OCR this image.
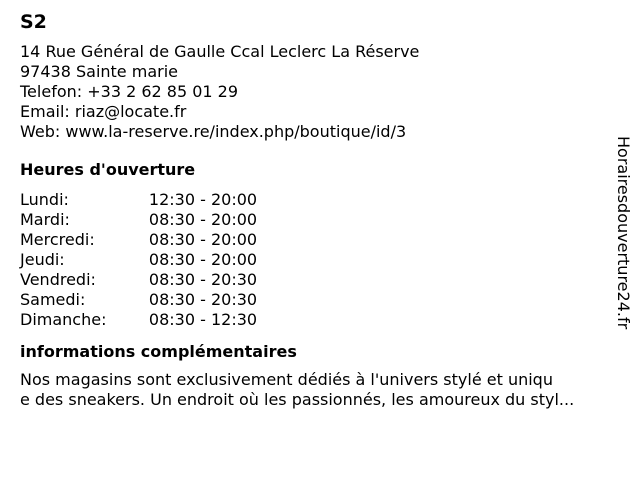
S2
14 Rue Général de Gaulle Ccal Leclerc La Réserve
97438 Sainte marie
Telefon: +33 2 62 85 01 29
Email: riaz@locate.fr
Web: www.la-reserve.re/index.php/boutique/id/3
Heures d'ouverture
Lundi:	12:30 - 20:00
Mardi:	08:30 - 20:00
Mercredi:	08:30 - 20:00
Jeudi:	08:30 - 20:00
Vendredi:	08:30 - 20:30
Samedi:	08:30 - 20:30
Dimanche:	08:30 - 12:30
informations complémentaires
Nos magasins sont exclusivement dédiés à l'univers stylé et uniqu
e des sneakers. Un endroit où les passionnés, les amoureux du styl...
Horairesdouverture24.fr
